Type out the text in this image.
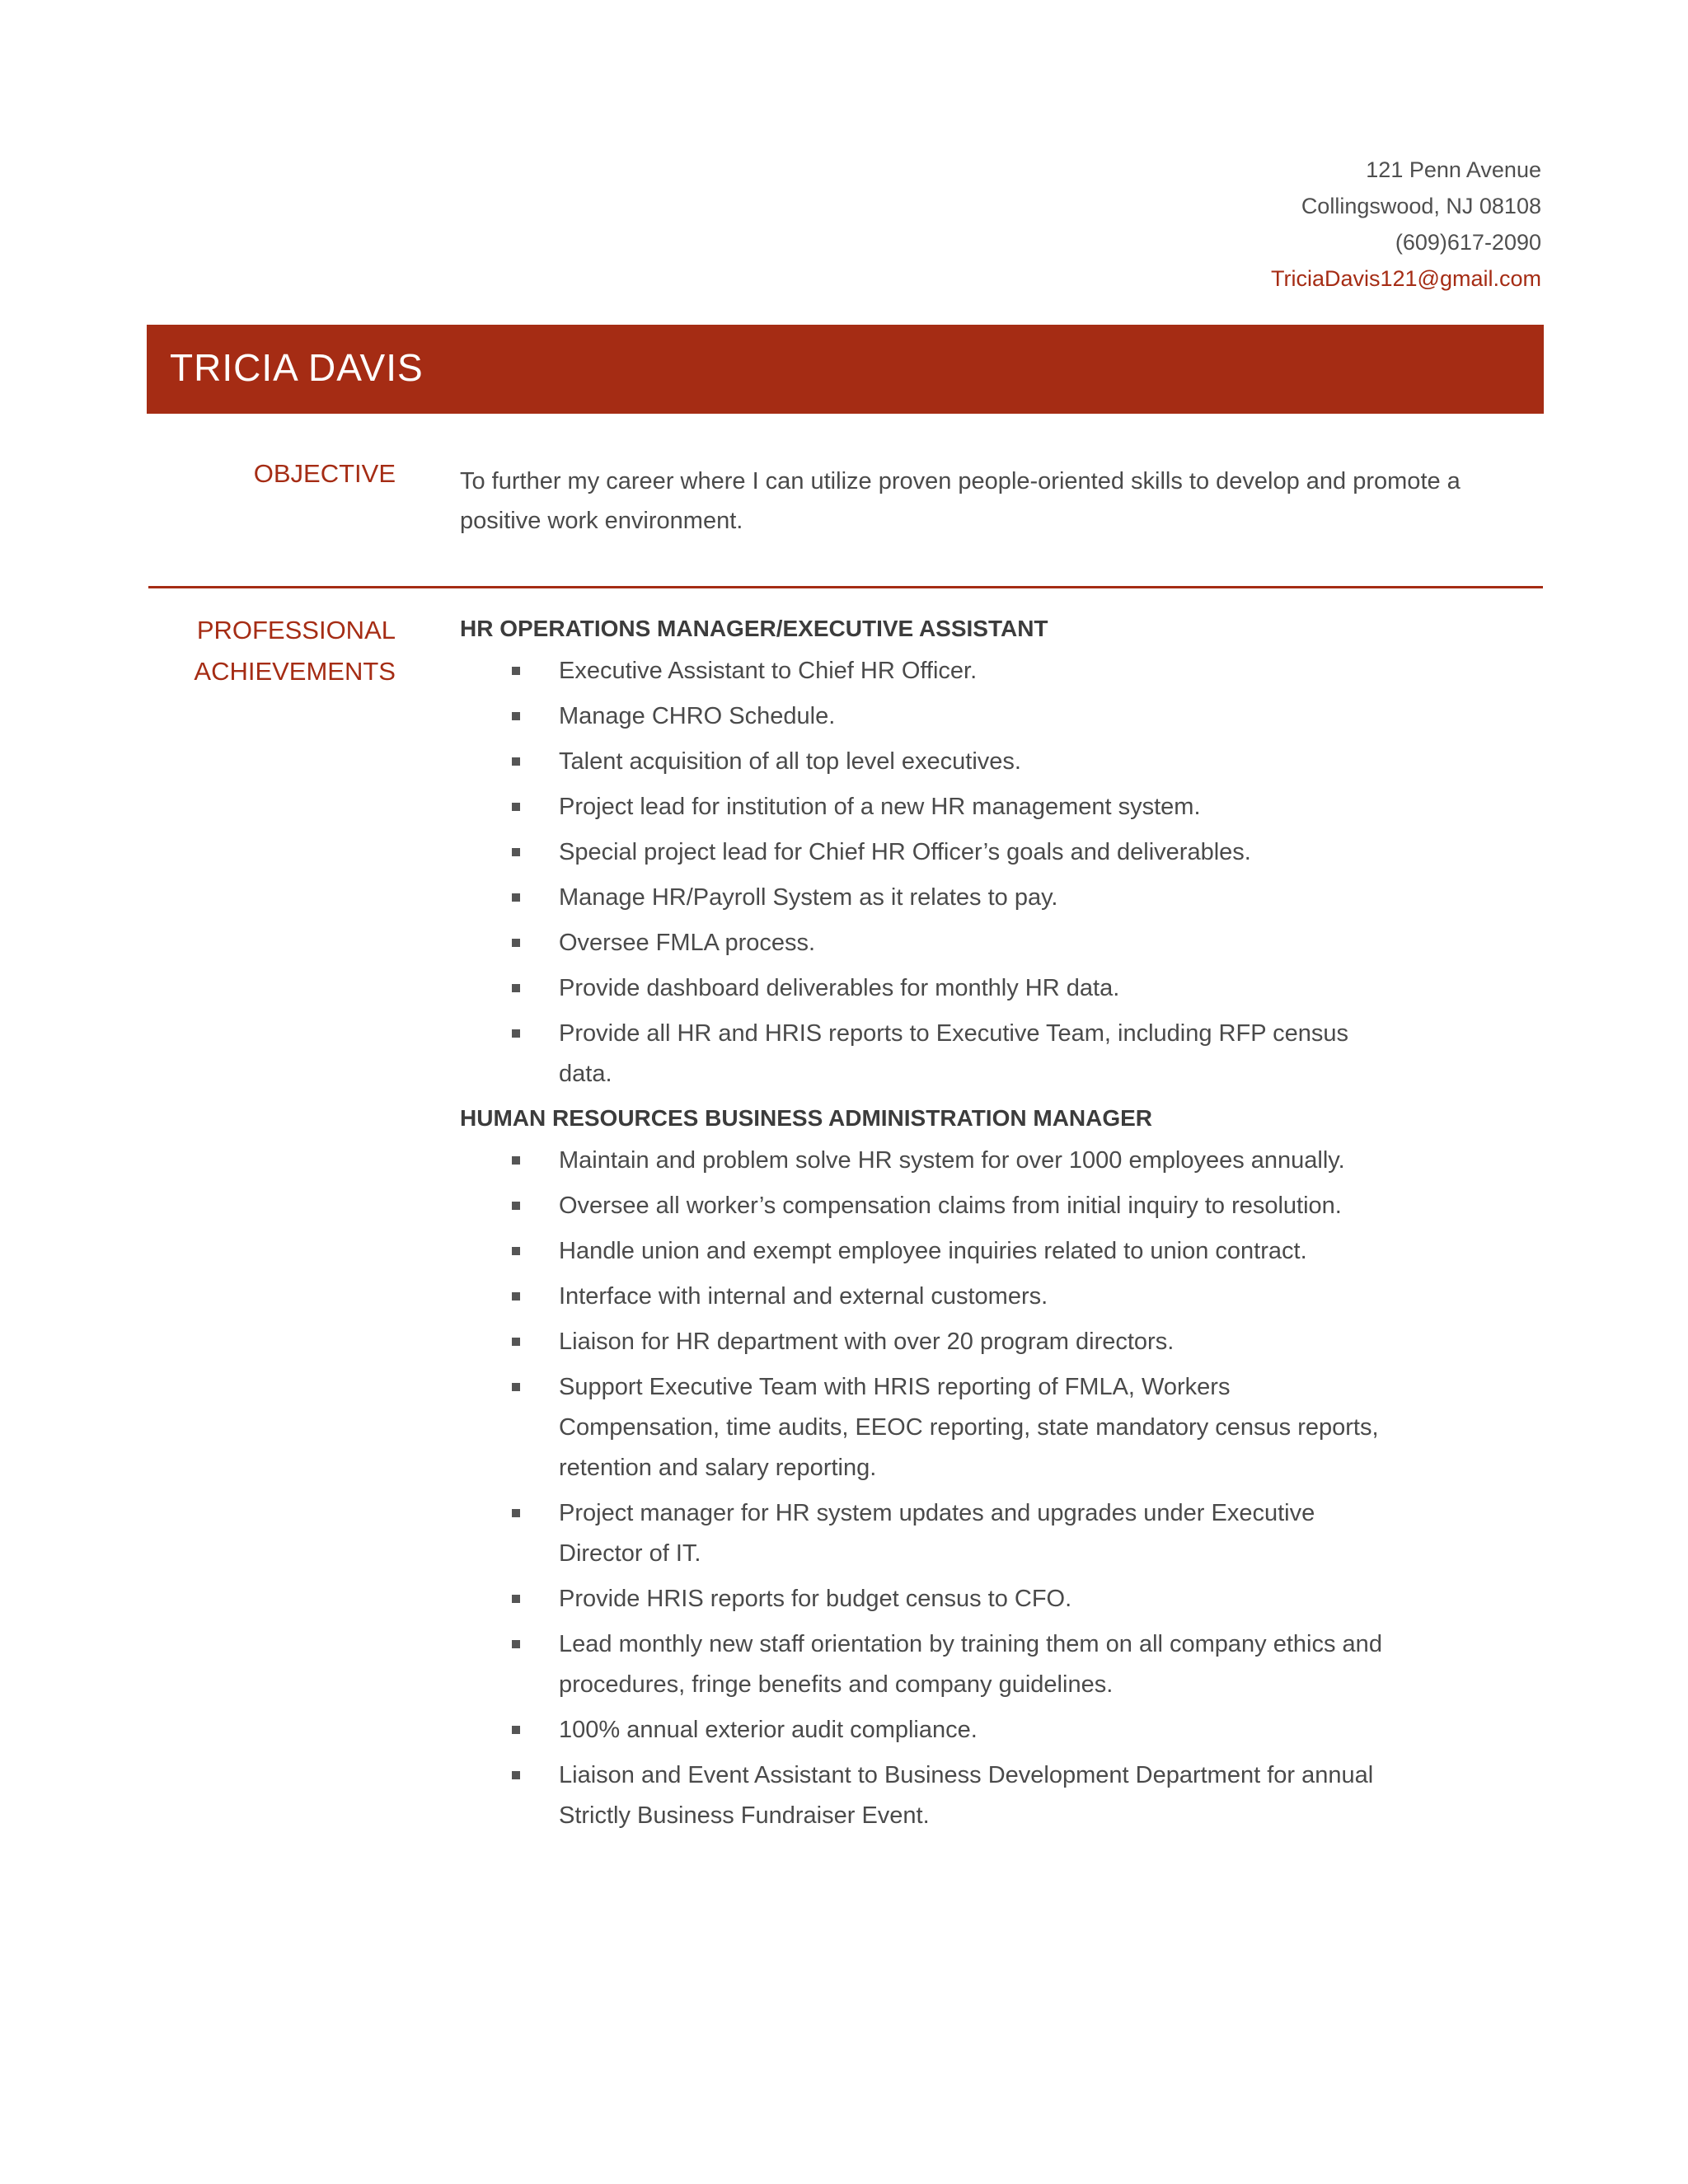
121 Penn Avenue
Collingswood, NJ 08108
(609)617-2090
TriciaDavis121@gmail.com
TRICIA DAVIS
OBJECTIVE	To further my career where I can utilize proven people-oriented skills to develop and promote a positive work environment.
PROFESSIONAL
ACHIEVEMENTS
HR OPERATIONS MANAGER/EXECUTIVE ASSISTANT
Executive Assistant to Chief HR Officer.
Manage CHRO Schedule.
Talent acquisition of all top level executives.
Project lead for institution of a new HR management system.
Special project lead for Chief HR Officer’s goals and deliverables.
Manage HR/Payroll System as it relates to pay.
Oversee FMLA process.
Provide dashboard deliverables for monthly HR data.
Provide all HR and HRIS reports to Executive Team, including RFP census data.
HUMAN RESOURCES BUSINESS ADMINISTRATION MANAGER
Maintain and problem solve HR system for over 1000 employees annually.
Oversee all worker’s compensation claims from initial inquiry to resolution.
Handle union and exempt employee inquiries related to union contract.
Interface with internal and external customers.
Liaison for HR department with over 20 program directors.
Support Executive Team with HRIS reporting of FMLA, Workers Compensation, time audits, EEOC reporting, state mandatory census reports, retention and salary reporting.
Project manager for HR system updates and upgrades under Executive Director of IT.
Provide HRIS reports for budget census to CFO.
Lead monthly new staff orientation by training them on all company ethics and procedures, fringe benefits and company guidelines.
100% annual exterior audit compliance.
Liaison and Event Assistant to Business Development Department for annual Strictly Business Fundraiser Event.
